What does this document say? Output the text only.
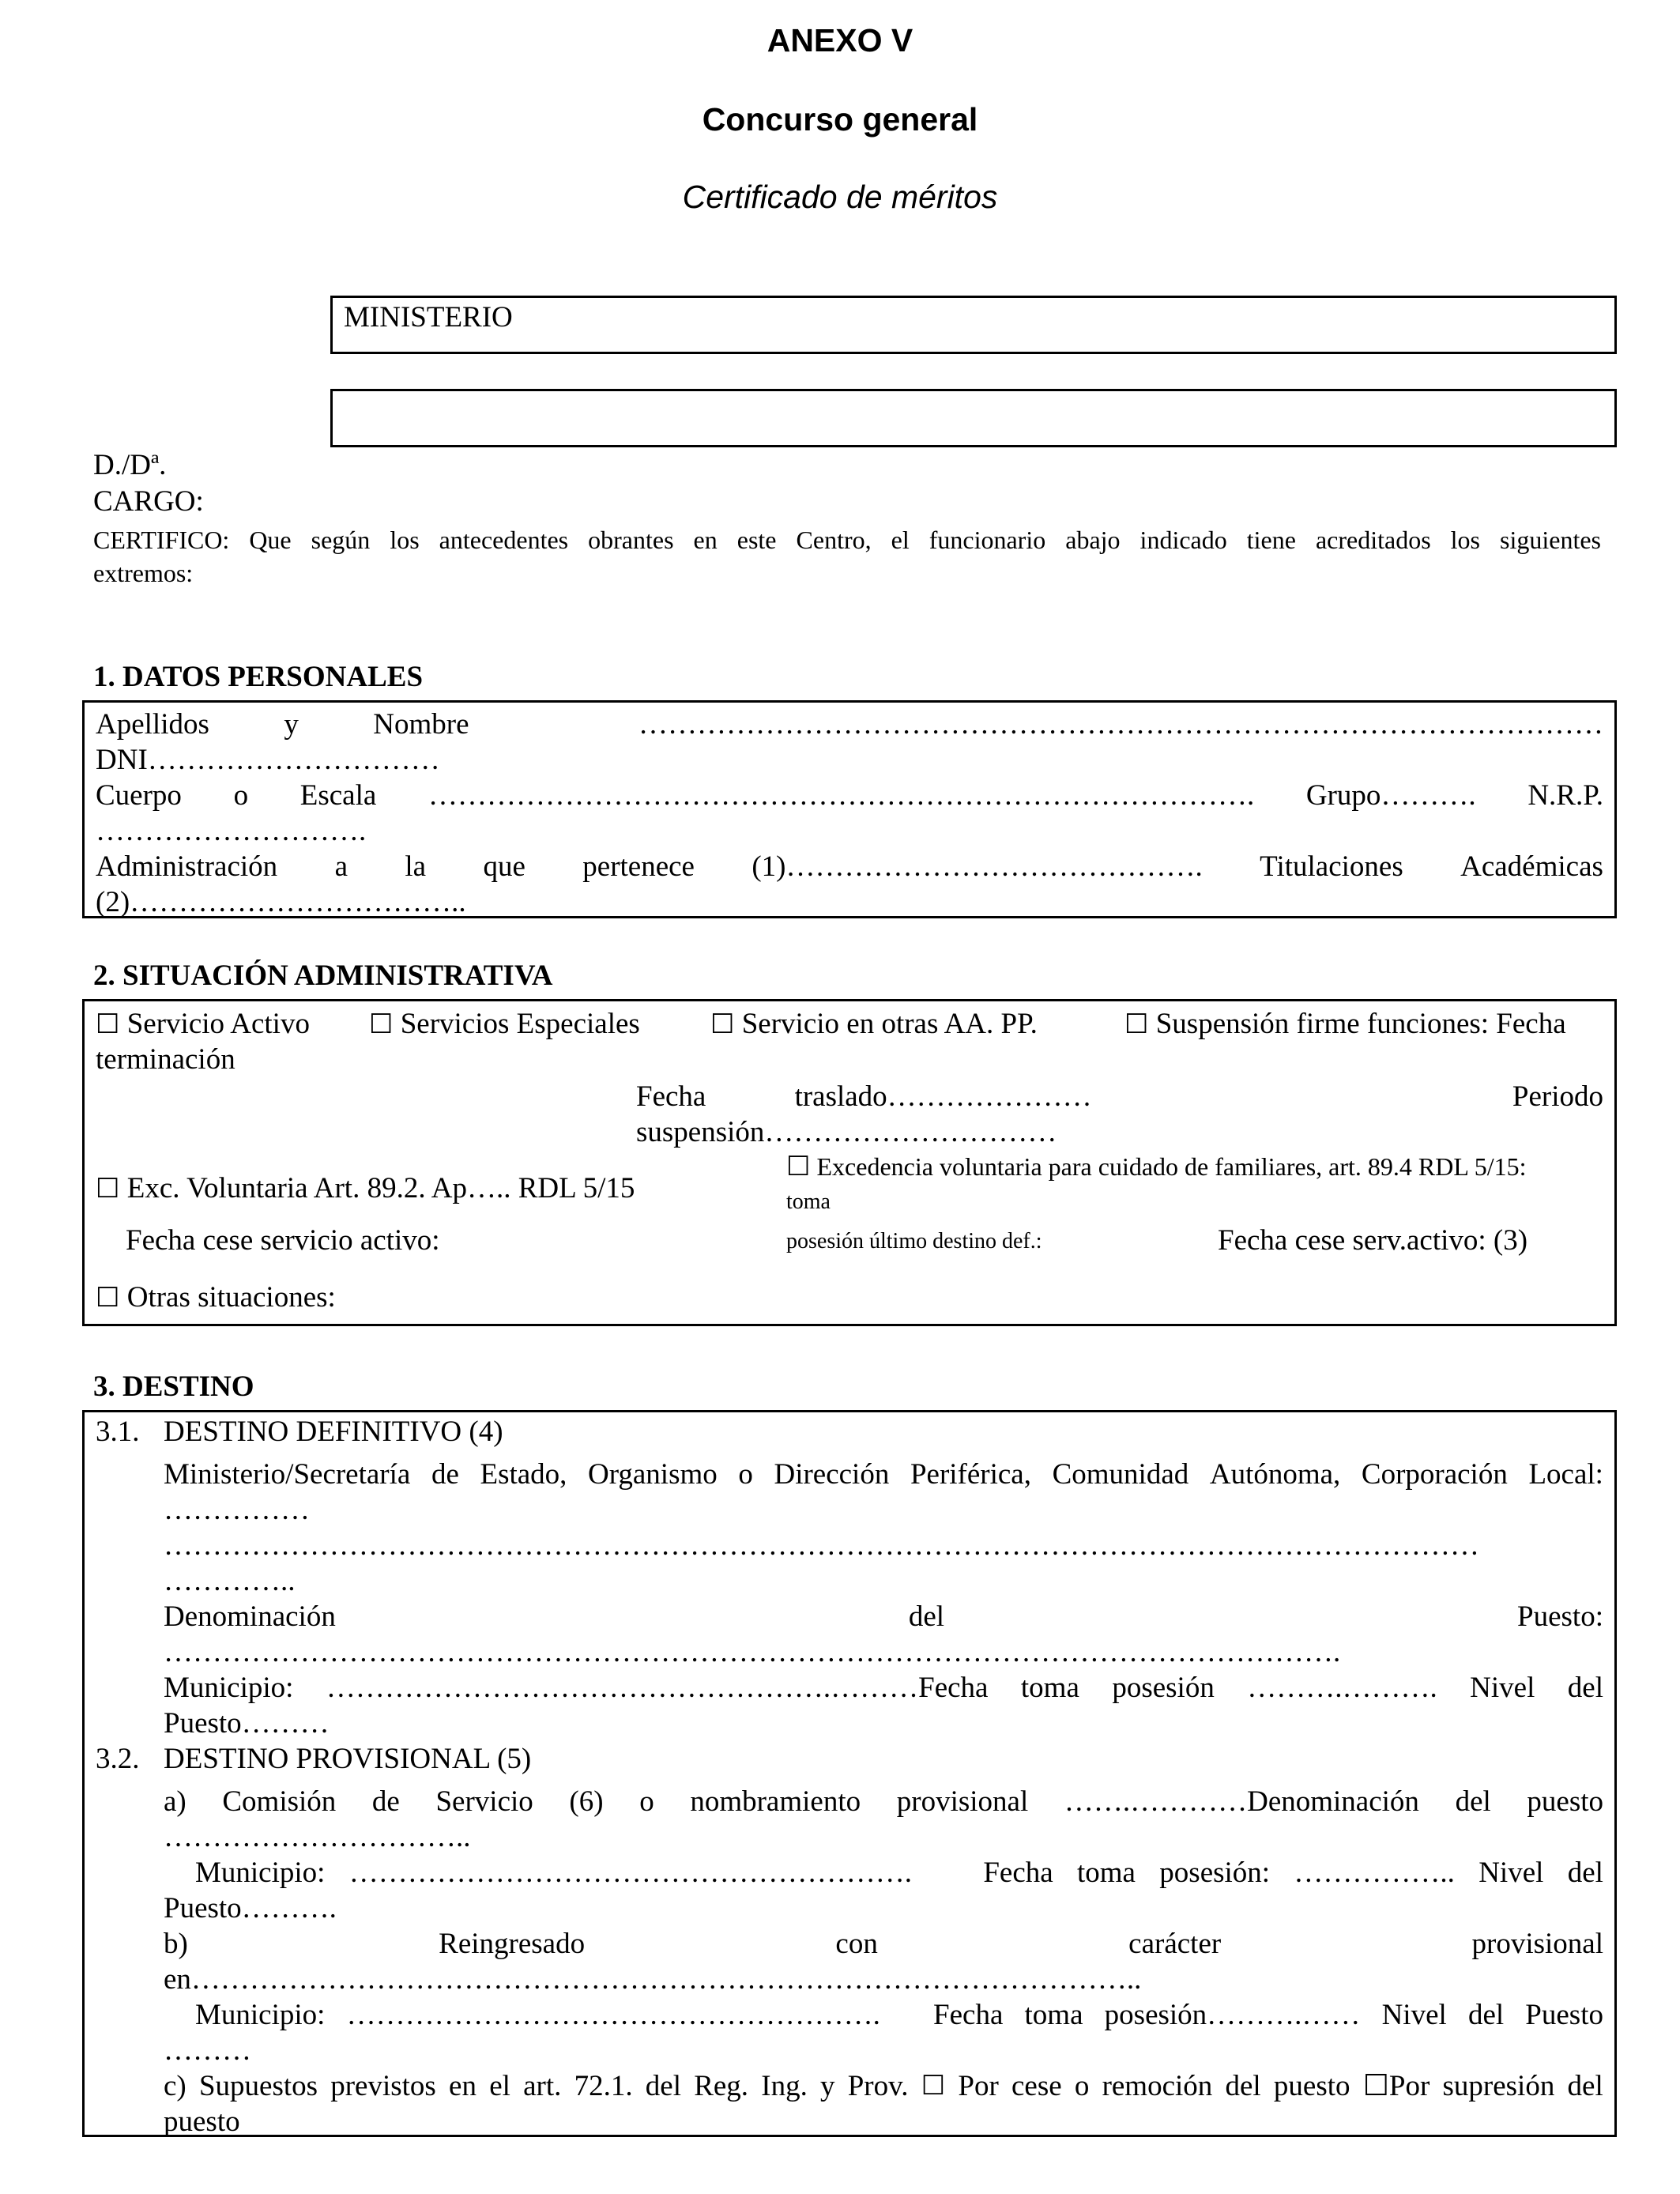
ANEXO V
Concurso general
Certificado de méritos
MINISTERIO
D./Dª.
CARGO:
CERTIFICO: Que según los antecedentes obrantes en este Centro, el funcionario abajo indicado tiene acreditados los siguientes
extremos:
1. DATOS PERSONALES
Apellidos	y	Nombre	………………………………………………………………………………………
DNI…………………………
Cuerpo o Escala …………………………………………………………………………. Grupo………. N.R.P.
……………………….
Administración a la que pertenece (1)……………………………………. Titulaciones Académicas
(2)……………………………..
2. SITUACIÓN ADMINISTRATIVA
☐ Servicio Activo ☐ Servicios Especiales	☐ Servicio en otras AA. PP.	☐ Suspensión firme funciones: Fecha
terminación
Fecha	traslado…………………	Periodo
suspensión…………………………
☐ Exc. Voluntaria Art. 89.2. Ap….. RDL 5/15
☐ Excedencia voluntaria para cuidado de familiares, art. 89.4 RDL 5/15:
toma
Fecha cese servicio activo:	posesión último destino def.:	Fecha cese serv.activo: (3)
☐ Otras situaciones:
3. DESTINO
3.1. DESTINO DEFINITIVO (4)
Ministerio/Secretaría de Estado, Organismo o Dirección Periférica, Comunidad Autónoma, Corporación Local:
……………
………………………………………………………………………………………………………………………
…………..
Denominación	del	Puesto:
………………………………………………………………………………………………………….
Municipio: …………………………………………….………Fecha toma posesión ……….………. Nivel del
Puesto………
3.2. DESTINO PROVISIONAL (5)
a) Comisión de Servicio (6) o nombramiento provisional …….…………Denominación del puesto
…………………………..
Municipio: …………………………………………………. Fecha toma posesión: …………….. Nivel del
Puesto……….
b)	Reingresado	con	carácter	provisional
en……………………………………………………………………………………..
Municipio: ………………………………………………. Fecha toma posesión……….…… Nivel del Puesto
………
c) Supuestos previstos en el art. 72.1. del Reg. Ing. y Prov. ☐ Por cese o remoción del puesto ☐Por supresión del
puesto
